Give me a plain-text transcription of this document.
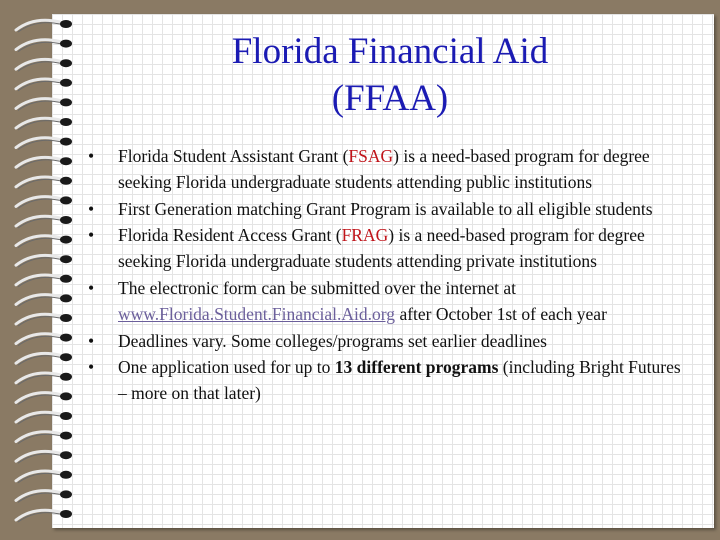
Florida Financial Aid
(FFAA)
• Florida Student Assistant Grant (FSAG) is a need-based program for degree seeking Florida undergraduate students attending public institutions
• First Generation matching Grant Program is available to all eligible students
• Florida Resident Access Grant (FRAG) is a need-based program for degree seeking Florida undergraduate students attending private institutions
• The electronic form can be submitted over the internet at www.Florida.Student.Financial.Aid.org after October 1st of each year
• Deadlines vary. Some colleges/programs set earlier deadlines
• One application used for up to 13 different programs (including Bright Futures – more on that later)
